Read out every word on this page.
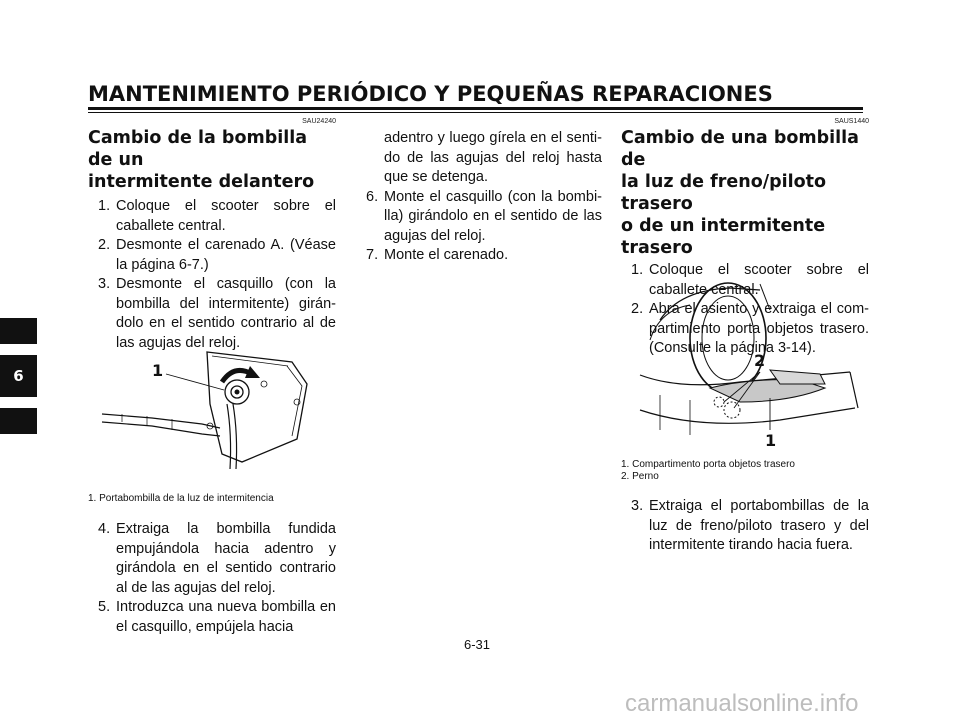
MANTENIMIENTO PERIÓDICO Y PEQUEÑAS REPARACIONES
6
SAU24240
Cambio de la bombilla de un
intermitente delantero
1. Coloque el scooter sobre el caballete central.
2. Desmonte el carenado A. (Véase la página 6-7.)
3. Desmonte el casquillo (con la bombilla del intermitente) girán-dolo en el sentido contrario al de las agujas del reloj.
1
1. Portabombilla de la luz de intermitencia
4. Extraiga la bombilla fundida empujándola hacia adentro y girándola en el sentido contrario al de las agujas del reloj.
5. Introduzca una nueva bombilla en el casquillo, empújela hacia
adentro y luego gírela en el senti-do de las agujas del reloj hasta que se detenga.
6. Monte el casquillo (con la bombi-lla) girándolo en el sentido de las agujas del reloj.
7. Monte el carenado.
SAUS1440
Cambio de una bombilla de
la luz de freno/piloto trasero
o de un intermitente trasero
1. Coloque el scooter sobre el caballete central.
2. Abra el asiento y extraiga el com-partimiento porta objetos trasero. (Consulte la página 3-14).
2
1
1. Compartimento porta objetos trasero
2. Perno
3. Extraiga el portabombillas de la luz de freno/piloto trasero y del intermitente tirando hacia fuera.
6-31
carmanualsonline.info
